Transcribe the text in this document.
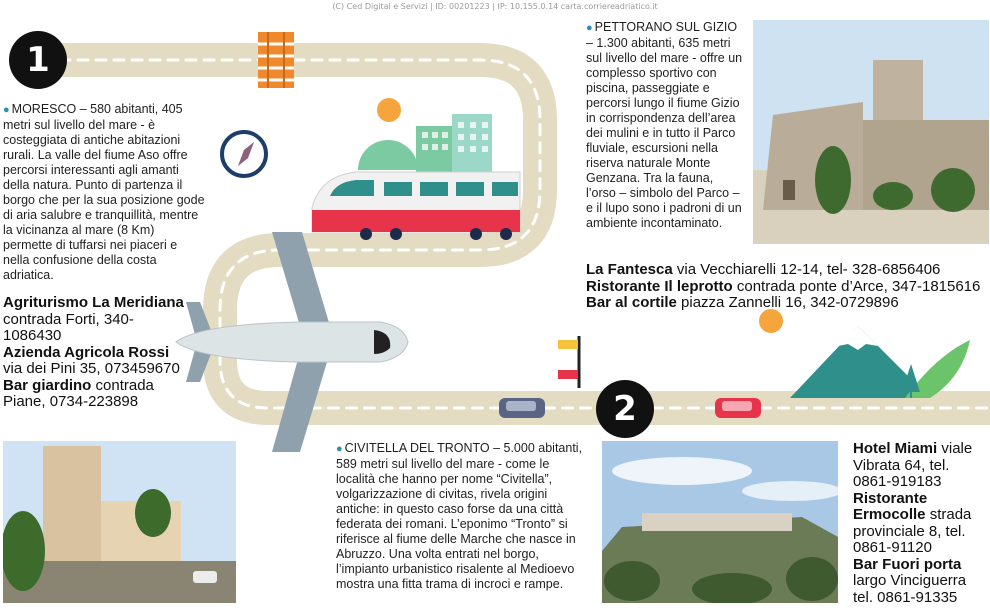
(C) Ced Digital e Servizi | ID: 00201223 | IP: 10.155.0.14 carta.corriereadriatico.it
1
2
● MORESCO – 580 abitanti, 405 metri sul livello del mare - è costeggiata di antiche abitazioni rurali. La valle del fiume Aso offre percorsi interessanti agli amanti della natura. Punto di partenza il borgo che per la sua posizione gode di aria salubre e tranquillità, mentre la vicinanza al mare (8 Km) permette di tuffarsi nei piaceri e nella confusione della costa adriatica.
Agriturismo La Meridiana contrada Forti, 340-1086430
Azienda Agricola Rossi via dei Pini 35, 073459670
Bar giardino contrada Piane, 0734-223898
● PETTORANO SUL GIZIO – 1.300 abitanti, 635 metri sul livello del mare - offre un complesso sportivo con piscina, passeggiate e percorsi lungo il fiume Gizio in corrispondenza dell’area dei mulini e in tutto il Parco fluviale, escursioni nella riserva naturale Monte Genzana. Tra la fauna, l’orso – simbolo del Parco – e il lupo sono i padroni di un ambiente incontaminato.
La Fantesca via Vecchiarelli 12-14, tel- 328-6856406
Ristorante Il leprotto contrada ponte d’Arce, 347-1815616
Bar al cortile piazza Zannelli 16, 342-0729896
● CIVITELLA DEL TRONTO – 5.000 abitanti, 589 metri sul livello del mare - come le località che hanno per nome “Civitella”, volgarizzazione di civitas, rivela origini antiche: in questo caso forse da una città federata dei romani. L’eponimo “Tronto” si riferisce al fiume delle Marche che nasce in Abruzzo. Una volta entrati nel borgo, l’impianto urbanistico risalente al Medioevo mostra una fitta trama di incroci e rampe.
Hotel Miami viale Vibrata 64, tel. 0861-919183
Ristorante Ermocolle strada provinciale 8, tel. 0861-91120
Bar Fuori porta largo Vinciguerra tel. 0861-91335
